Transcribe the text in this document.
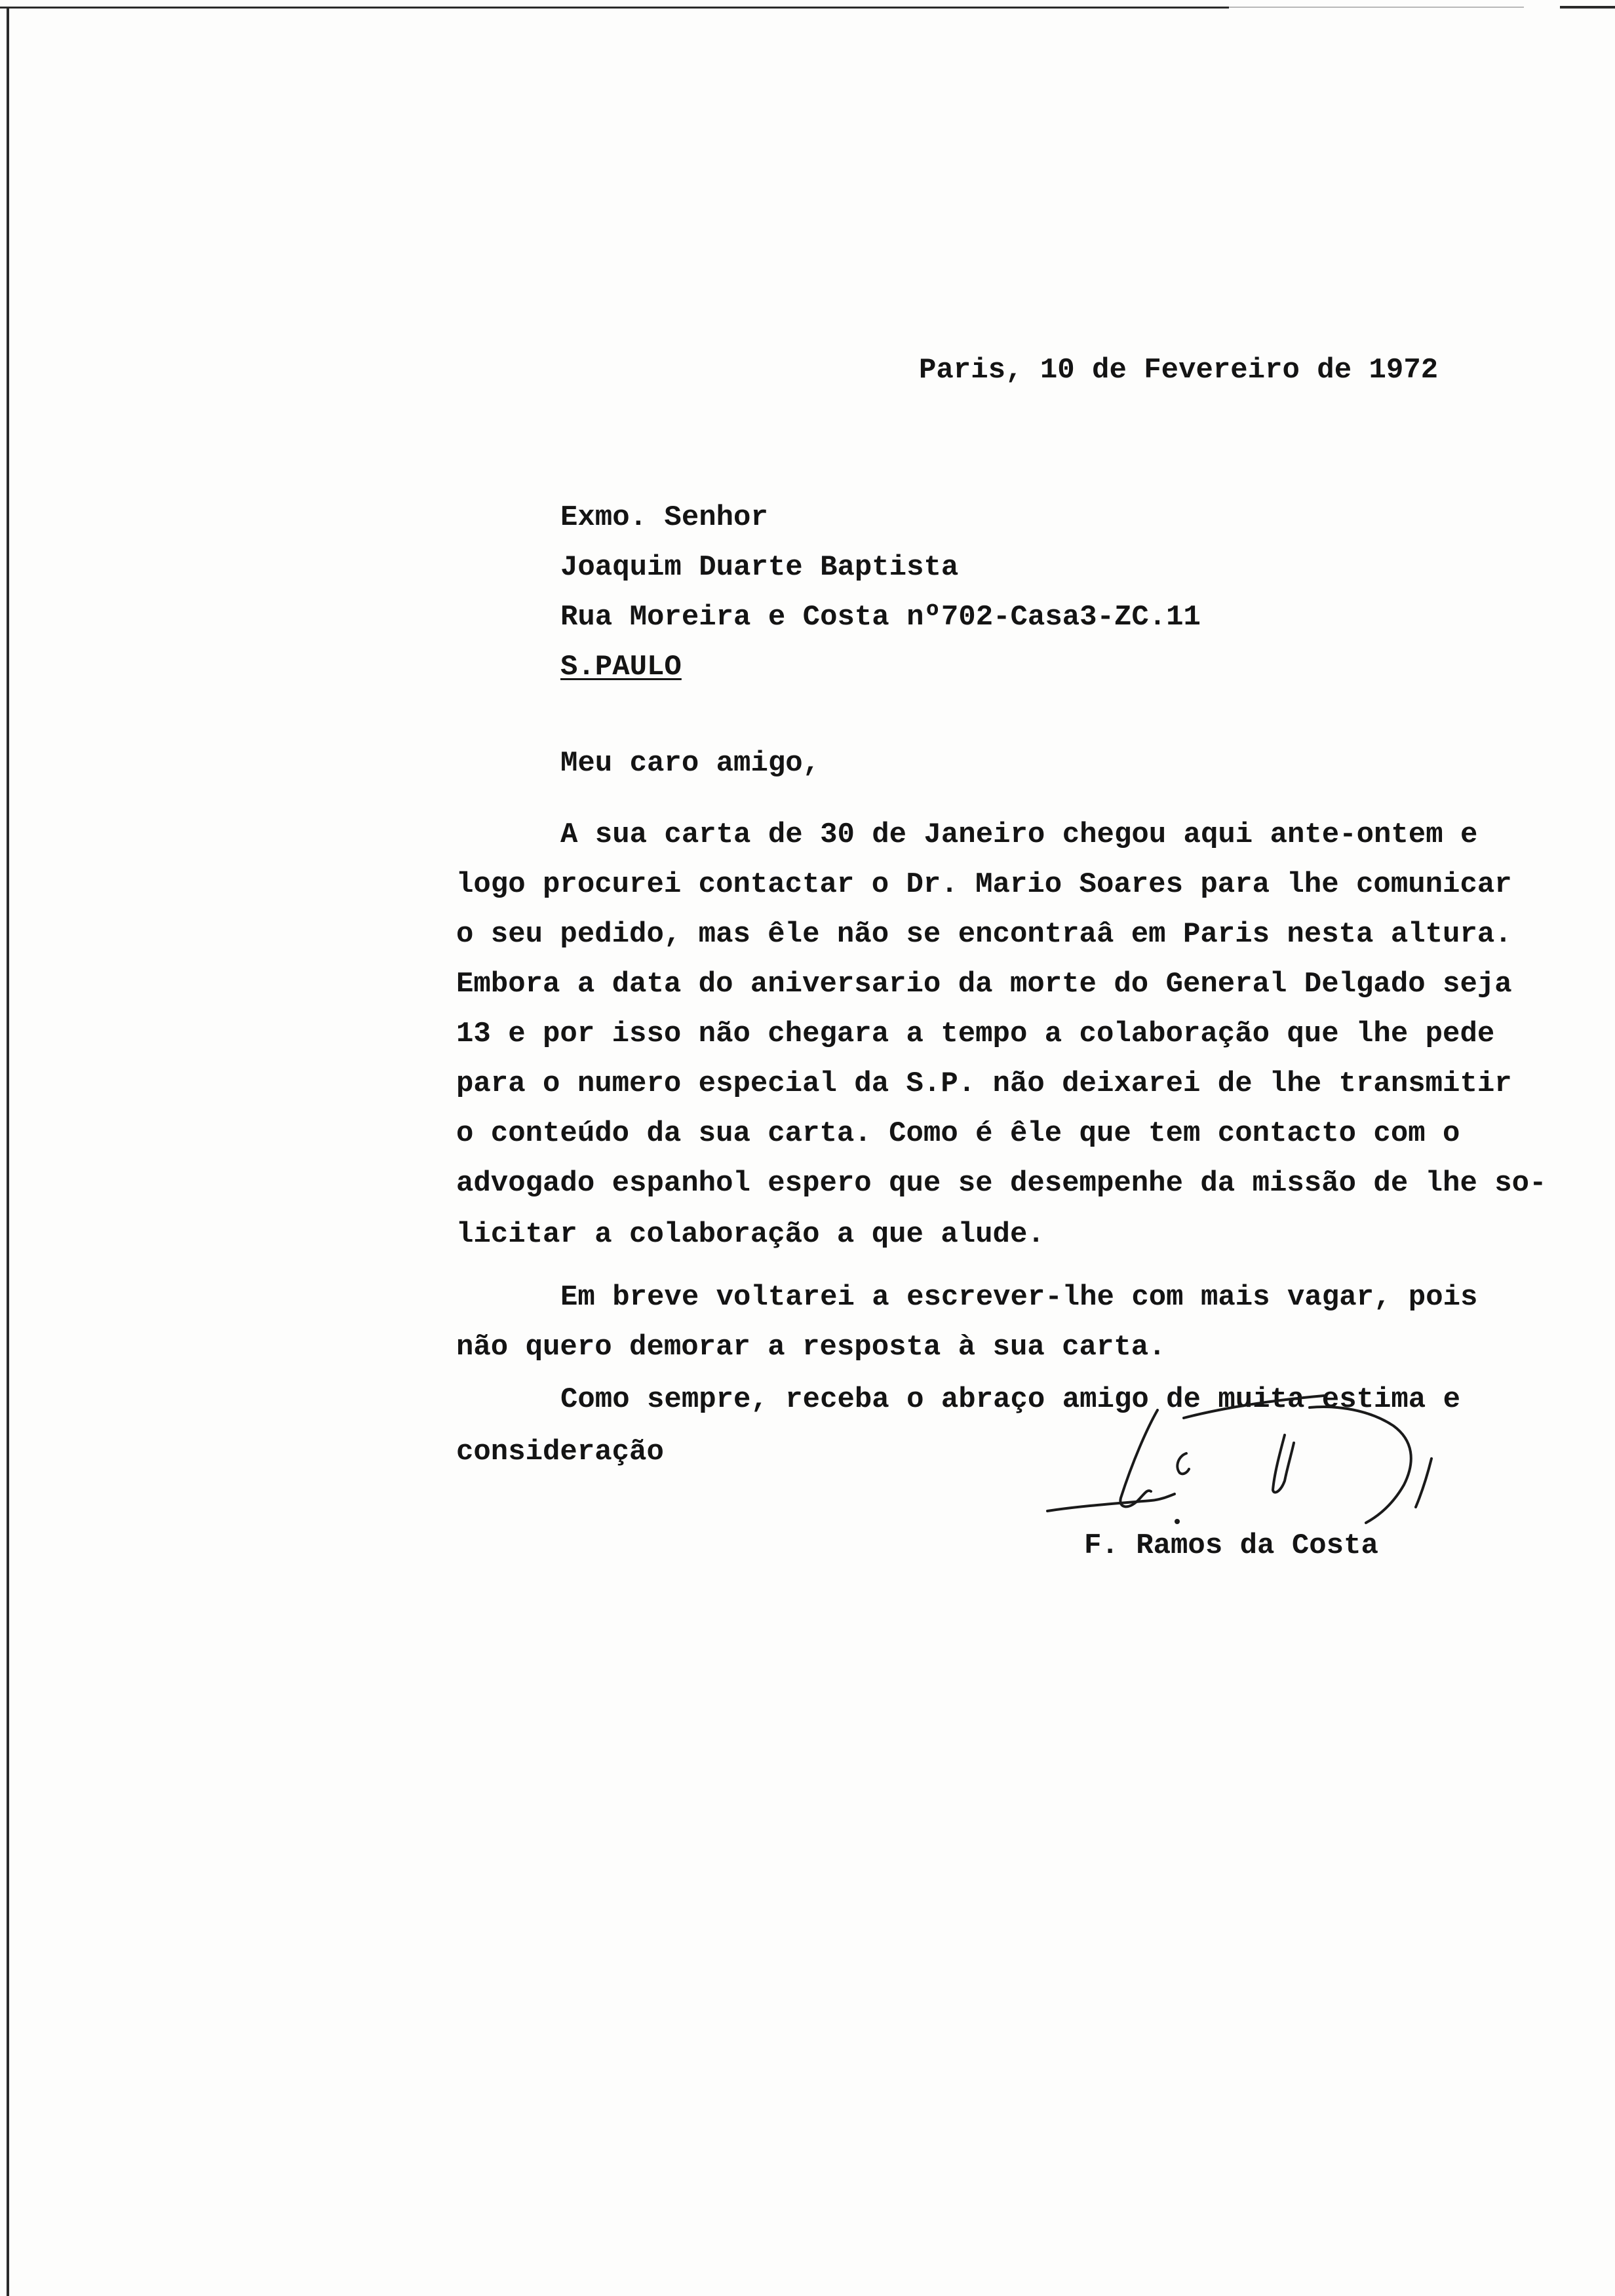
Paris, 10 de Fevereiro de 1972
Exmo. Senhor
Joaquim Duarte Baptista
Rua Moreira e Costa nº702-Casa3-ZC.11
S.PAULO
Meu caro amigo,
A sua carta de 30 de Janeiro chegou aqui ante-ontem e
logo procurei contactar o Dr. Mario Soares para lhe comunicar
o seu pedido, mas êle não se encontraâ em Paris nesta altura.
Embora a data do aniversario da morte do General Delgado seja
13 e por isso não chegara a tempo a colaboração que lhe pede
para o numero especial da S.P. não deixarei de lhe transmitir
o conteúdo da sua carta. Como é êle que tem contacto com o
advogado espanhol espero que se desempenhe da missão de lhe so-
licitar a colaboração a que alude.
Em breve voltarei a escrever-lhe com mais vagar, pois
não quero demorar a resposta à sua carta.
Como sempre, receba o abraço amigo de muita estima e
consideração
F. Ramos da Costa
